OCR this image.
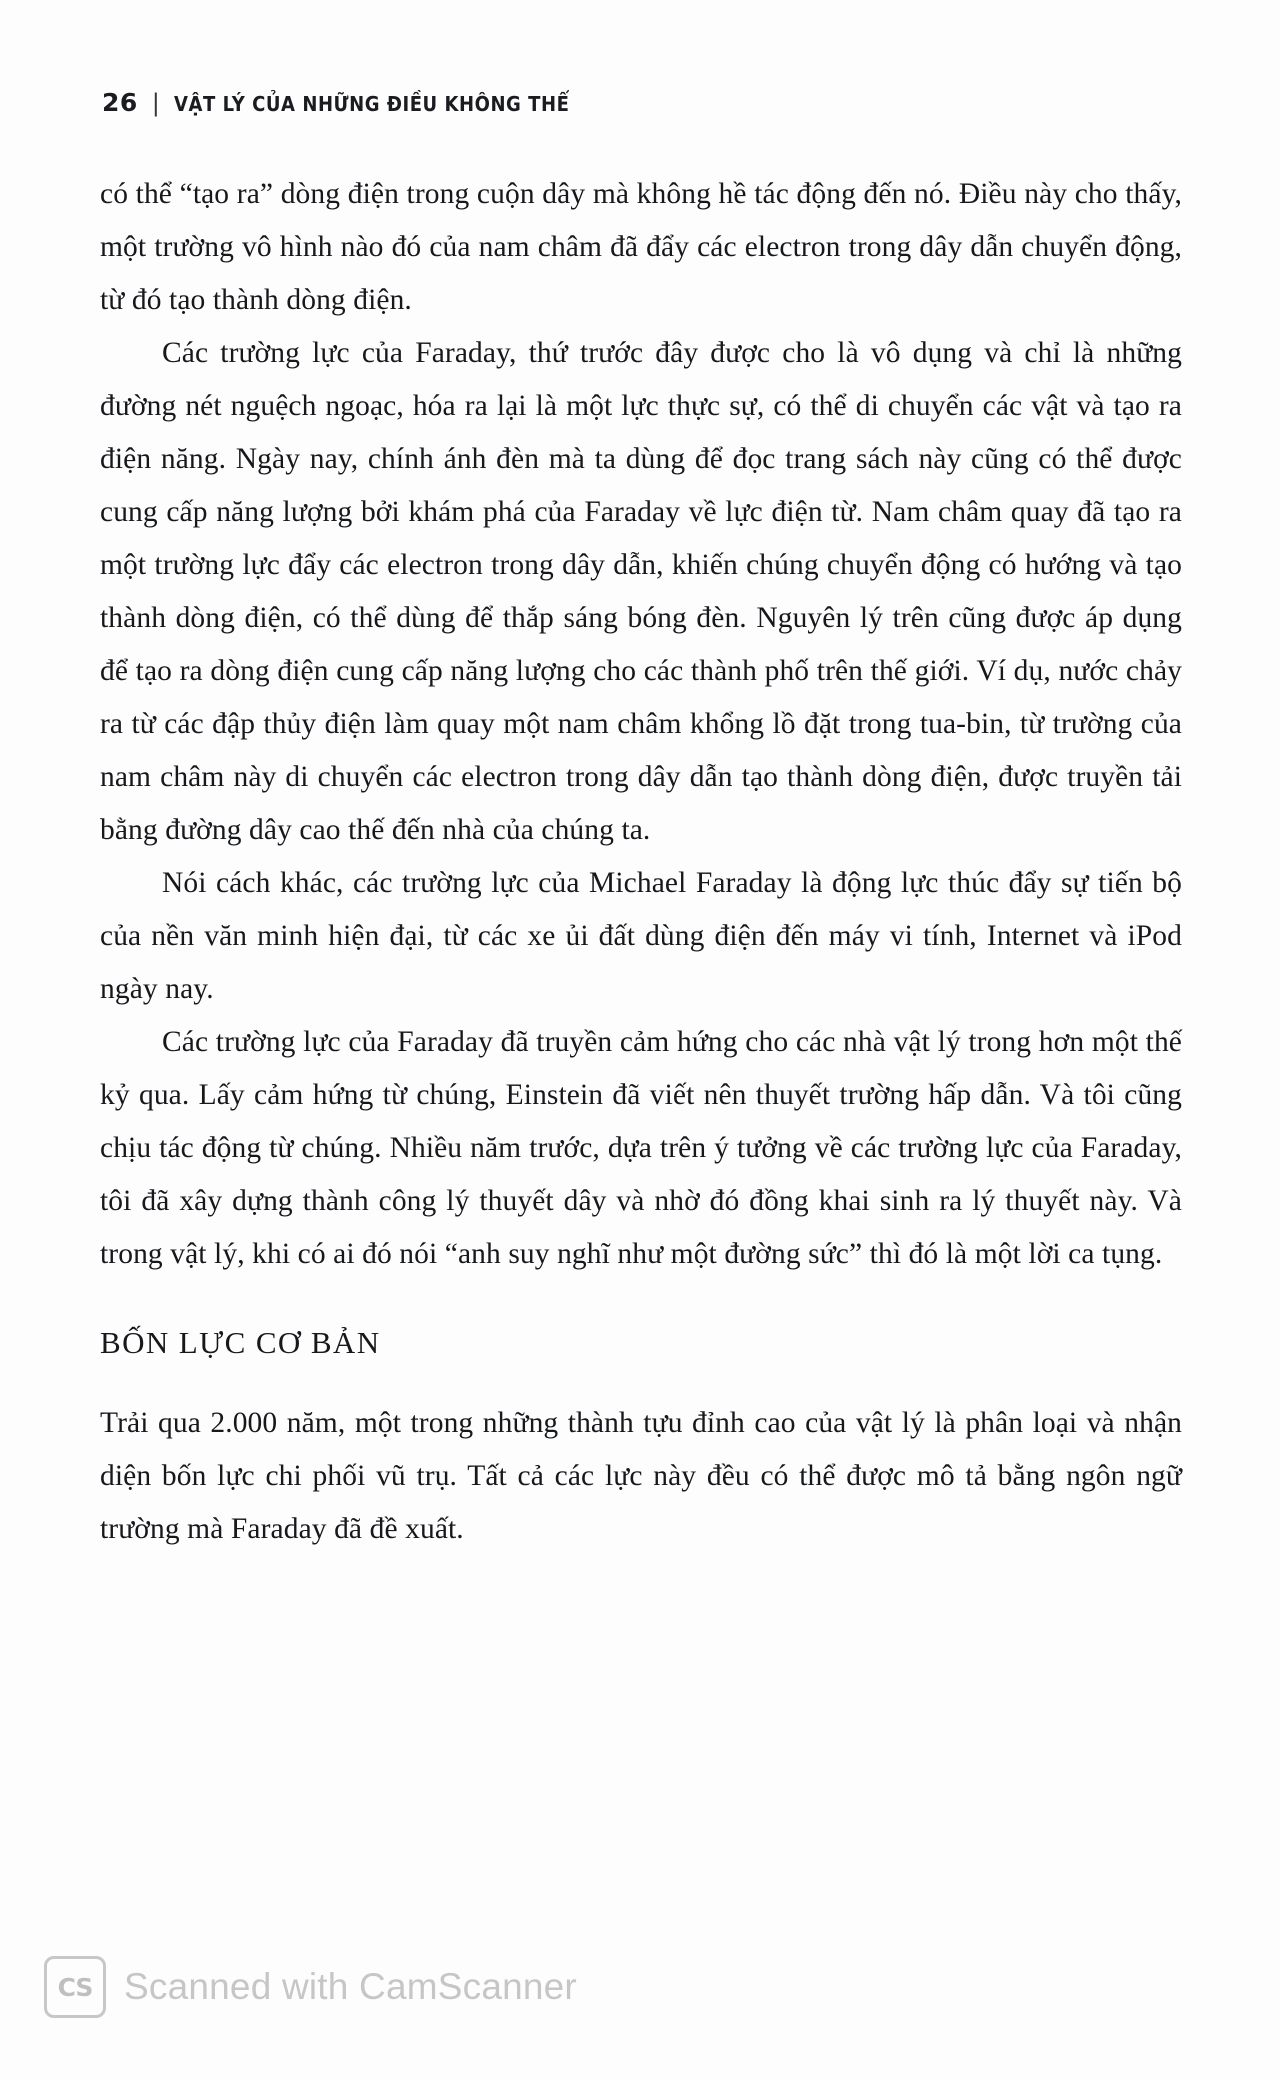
26 | VẬT LÝ CỦA NHỮNG ĐIỀU KHÔNG THỂ

có thể “tạo ra” dòng điện trong cuộn dây mà không hề tác động đến nó. Điều này cho thấy, một trường vô hình nào đó của nam châm đã đẩy các electron trong dây dẫn chuyển động, từ đó tạo thành dòng điện.

Các trường lực của Faraday, thứ trước đây được cho là vô dụng và chỉ là những đường nét nguệch ngoạc, hóa ra lại là một lực thực sự, có thể di chuyển các vật và tạo ra điện năng. Ngày nay, chính ánh đèn mà ta dùng để đọc trang sách này cũng có thể được cung cấp năng lượng bởi khám phá của Faraday về lực điện từ. Nam châm quay đã tạo ra một trường lực đẩy các electron trong dây dẫn, khiến chúng chuyển động có hướng và tạo thành dòng điện, có thể dùng để thắp sáng bóng đèn. Nguyên lý trên cũng được áp dụng để tạo ra dòng điện cung cấp năng lượng cho các thành phố trên thế giới. Ví dụ, nước chảy ra từ các đập thủy điện làm quay một nam châm khổng lồ đặt trong tua-bin, từ trường của nam châm này di chuyển các electron trong dây dẫn tạo thành dòng điện, được truyền tải bằng đường dây cao thế đến nhà của chúng ta.

Nói cách khác, các trường lực của Michael Faraday là động lực thúc đẩy sự tiến bộ của nền văn minh hiện đại, từ các xe ủi đất dùng điện đến máy vi tính, Internet và iPod ngày nay.

Các trường lực của Faraday đã truyền cảm hứng cho các nhà vật lý trong hơn một thế kỷ qua. Lấy cảm hứng từ chúng, Einstein đã viết nên thuyết trường hấp dẫn. Và tôi cũng chịu tác động từ chúng. Nhiều năm trước, dựa trên ý tưởng về các trường lực của Faraday, tôi đã xây dựng thành công lý thuyết dây và nhờ đó đồng khai sinh ra lý thuyết này. Và trong vật lý, khi có ai đó nói “anh suy nghĩ như một đường sức” thì đó là một lời ca tụng.

BỐN LỰC CƠ BẢN

Trải qua 2.000 năm, một trong những thành tựu đỉnh cao của vật lý là phân loại và nhận diện bốn lực chi phối vũ trụ. Tất cả các lực này đều có thể được mô tả bằng ngôn ngữ trường mà Faraday đã đề xuất.

CS Scanned with CamScanner
